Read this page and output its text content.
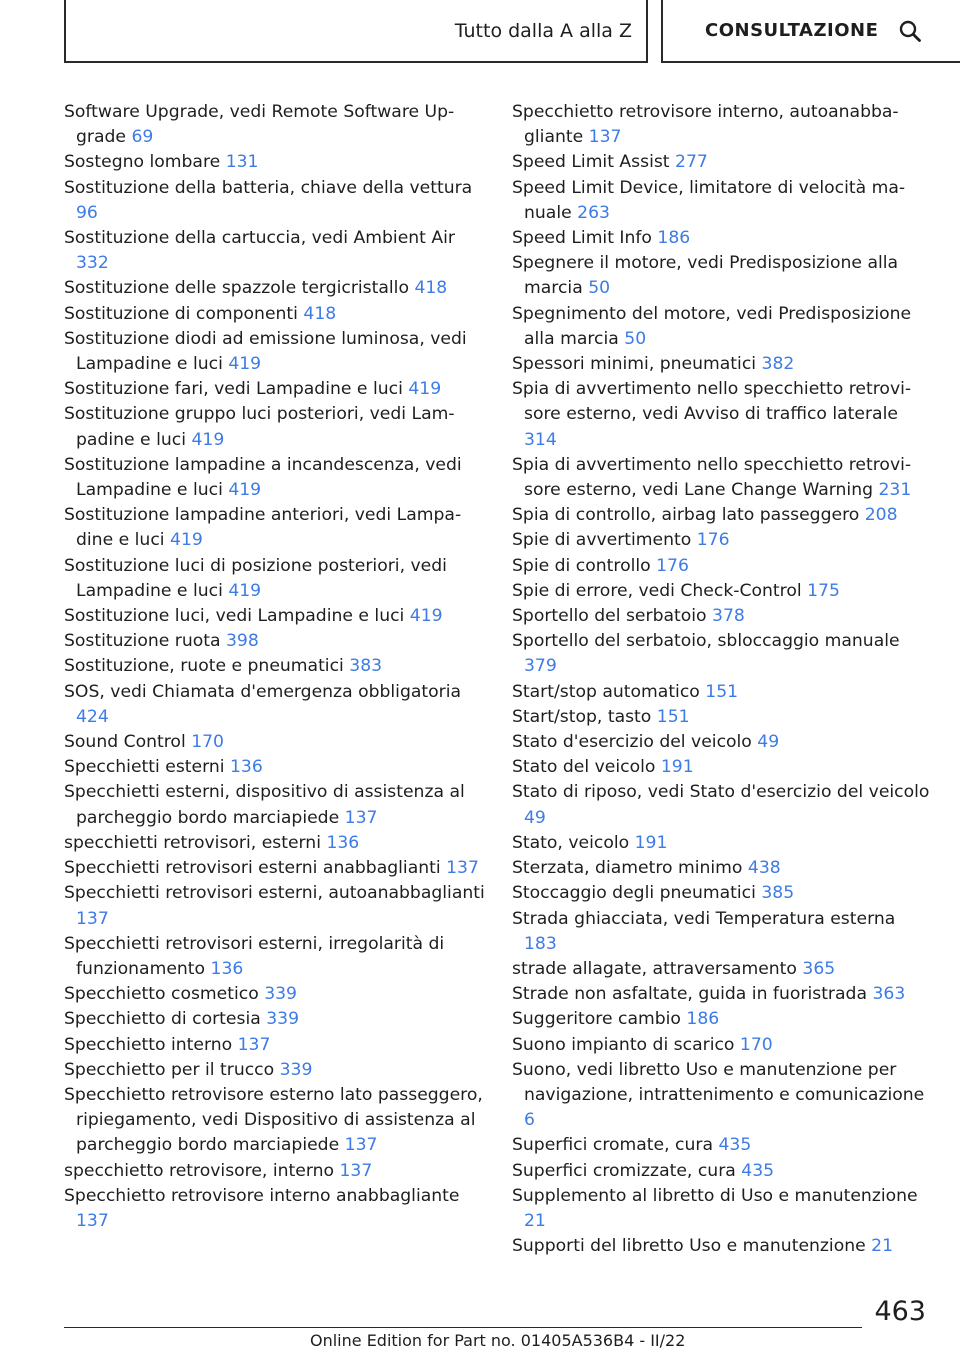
Tutto dalla A alla Z	CONSULTAZIONE

Software Upgrade, vedi Remote Software Upgrade 69

Sostegno lombare 131

Sostituzione della batteria, chiave della vettura 96

Sostituzione della cartuccia, vedi Ambient Air 332

Sostituzione delle spazzole tergicristallo 418

Sostituzione di componenti 418

Sostituzione diodi ad emissione luminosa, vedi Lampadine e luci 419

Sostituzione fari, vedi Lampadine e luci 419

Sostituzione gruppo luci posteriori, vedi Lampadine e luci 419

Sostituzione lampadine a incandescenza, vedi Lampadine e luci 419

Sostituzione lampadine anteriori, vedi Lampadine e luci 419

Sostituzione luci di posizione posteriori, vedi Lampadine e luci 419

Sostituzione luci, vedi Lampadine e luci 419

Sostituzione ruota 398

Sostituzione, ruote e pneumatici 383

SOS, vedi Chiamata d'emergenza obbligatoria 424

Sound Control 170

Specchietti esterni 136

Specchietti esterni, dispositivo di assistenza al parcheggio bordo marciapiede 137

specchietti retrovisori, esterni 136

Specchietti retrovisori esterni anabbaglianti 137

Specchietti retrovisori esterni, autoanabbaglianti 137

Specchietti retrovisori esterni, irregolarità di funzionamento 136

Specchietto cosmetico 339

Specchietto di cortesia 339

Specchietto interno 137

Specchietto per il trucco 339

Specchietto retrovisore esterno lato passeggero, ripiegamento, vedi Dispositivo di assistenza al parcheggio bordo marciapiede 137

specchietto retrovisore, interno 137

Specchietto retrovisore interno anabbagliante 137

Specchietto retrovisore interno, autoanabbagliante 137

Speed Limit Assist 277

Speed Limit Device, limitatore di velocità manuale 263

Speed Limit Info 186

Spegnere il motore, vedi Predisposizione alla marcia 50

Spegnimento del motore, vedi Predisposizione alla marcia 50

Spessori minimi, pneumatici 382

Spia di avvertimento nello specchietto retrovisore esterno, vedi Avviso di traffico laterale 314

Spia di avvertimento nello specchietto retrovisore esterno, vedi Lane Change Warning 231

Spia di controllo, airbag lato passeggero 208

Spie di avvertimento 176

Spie di controllo 176

Spie di errore, vedi Check-Control 175

Sportello del serbatoio 378

Sportello del serbatoio, sbloccaggio manuale 379

Start/stop automatico 151

Start/stop, tasto 151

Stato d'esercizio del veicolo 49

Stato del veicolo 191

Stato di riposo, vedi Stato d'esercizio del veicolo 49

Stato, veicolo 191

Sterzata, diametro minimo 438

Stoccaggio degli pneumatici 385

Strada ghiacciata, vedi Temperatura esterna 183

strade allagate, attraversamento 365

Strade non asfaltate, guida in fuoristrada 363

Suggeritore cambio 186

Suono impianto di scarico 170

Suono, vedi libretto Uso e manutenzione per navigazione, intrattenimento e comunicazione 6

Superfici cromate, cura 435

Superfici cromizzate, cura 435

Supplemento al libretto di Uso e manutenzione 21

Supporti del libretto Uso e manutenzione 21

463
Online Edition for Part no. 01405A536B4 - II/22
